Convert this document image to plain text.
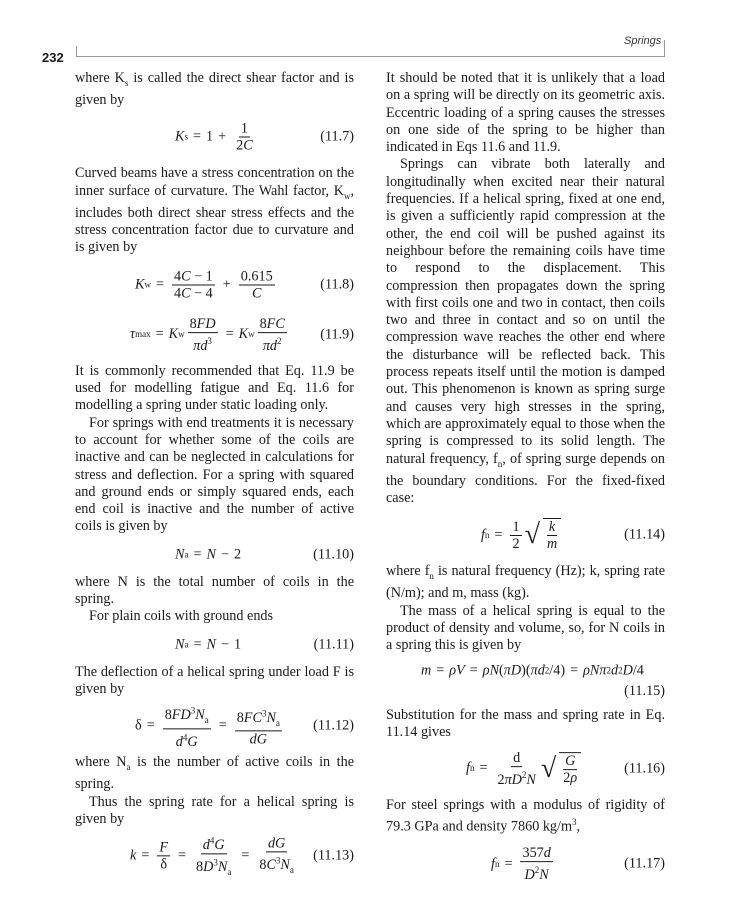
232
Springs

where $K_s$ is called the direct shear factor and is given by

K $s = 1 + \frac{1}{2C}$	(11.7)

Curved beams have a stress concentration on the inner surface of curvature. The Wahl factor, $K_w$, includes both direct shear stress effects and the stress concentration factor due to curvature and is given by

K $w = \frac{4C - 1}{4C - 4} + \frac{0.615}{C}$	(11.8)
τ max = K w $\frac{8FD}{\pi d^3} = K$ w $\frac{8FC}{\pi d^2} (11.9)$

It is commonly recommended that Eq. 11.9 be used for modelling fatigue and Eq. 11.6 for modelling a spring under static loading only.

For springs with end treatments it is necessary to account for whether some of the coils are inactive and can be neglected in calculations for stress and deflection. For a spring with squared and ground ends or simply squared ends, each end coil is inactive and the number of active coils is given by

N a = N − 2	(11.10)

where N is the total number of coils in the spring.

For plain coils with ground ends

N a = N − 1	(11.11)

The deflection of a helical spring under load F is given by

$\delta = \frac{8FD^3N_a}{d^4G} = \frac{8FC^3N_a}{dG} (11.12)$

where $N_a$ is the number of active coils in the spring.

Thus the spring rate for a helical spring is given by

$k = \frac{F}{\delta} = \frac{d^4G}{8D^3N_a} = \frac{dG}{8C^3N_a} (11.13)$

It should be noted that it is unlikely that a load on a spring will be directly on its geometric axis. Eccentric loading of a spring causes the stresses on one side of the spring to be higher than indicated in Eqs 11.6 and 11.9.

Springs can vibrate both laterally and longitudinally when excited near their natural frequencies. If a helical spring, fixed at one end, is given a sufficiently rapid compression at the other, the end coil will be pushed against its neighbour before the remaining coils have time to respond to the displacement. This compression then propagates down the spring with first coils one and two in contact, then coils two and three in contact and so on until the compression wave reaches the other end where the disturbance will be reflected back. This process repeats itself until the motion is damped out. This phenomenon is known as spring surge and causes very high stresses in the spring, which are approximately equal to those when the spring is compressed to its solid length. The natural frequency, $f_n$, of spring surge depends on the boundary conditions. For the fixed-fixed case:

f $n = \frac{1}{2}$ √ $\frac{k}{m}$	(11.14)

where $f_n$ is natural frequency (Hz); k, spring rate (N/m); and m, mass (kg).

The mass of a helical spring is equal to the product of density and volume, so, for N coils in a spring this is given by

m = ρV = ρN ( πD )( πd 2 /4) = ρNπ 2 d 2 D /4
(11.15)

Substitution for the mass and spring rate in Eq. 11.14 gives

f $n = \frac{d}{2\pi D^2N}$ √ $\frac{G}{2\rho}$	(11.16)

For steel springs with a modulus of rigidity of 79.3 GPa and density 7860 $kg/m^3$,

f $n = \frac{357d}{D^2N}$	(11.17)
